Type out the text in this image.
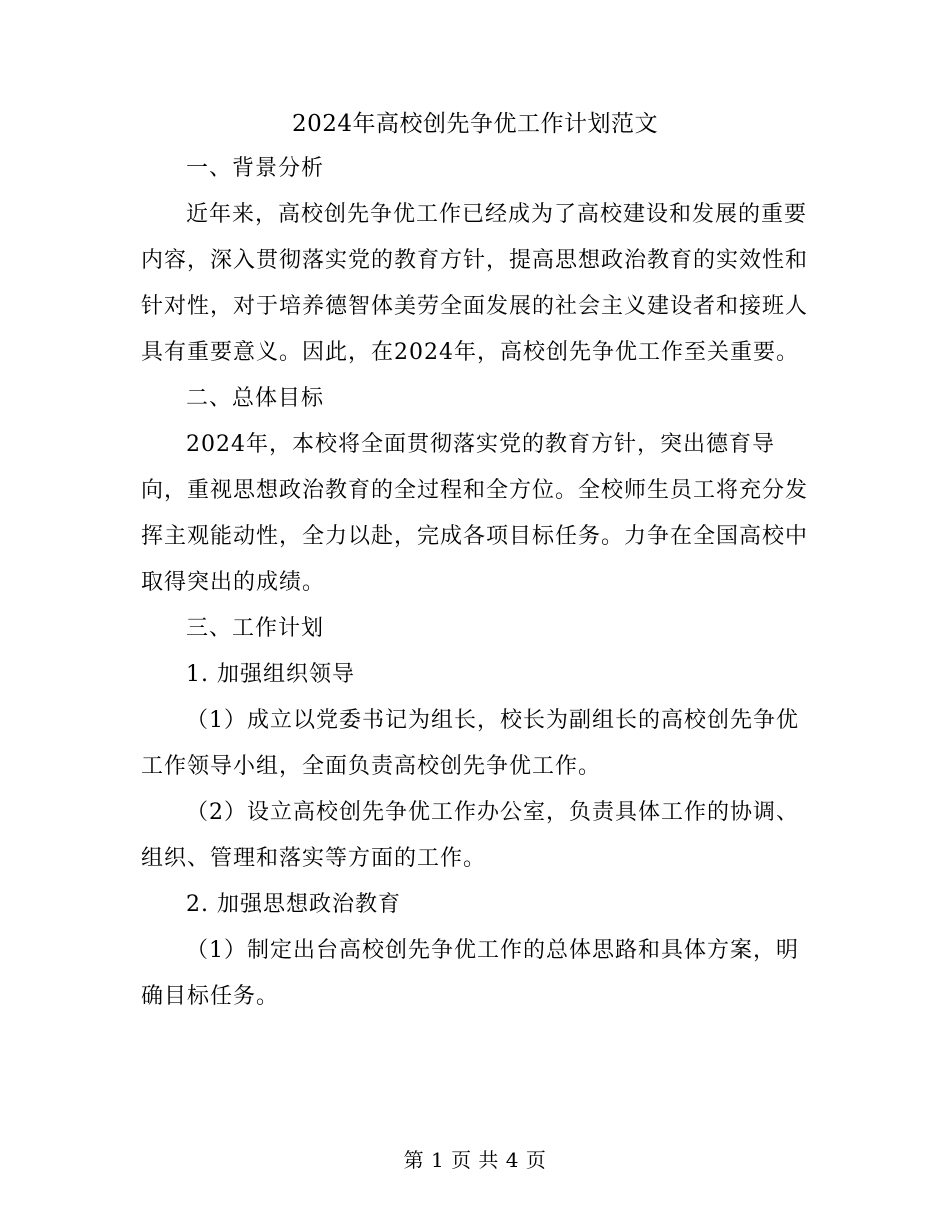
2024年高校创先争优工作计划范文

一、背景分析

近年来，高校创先争优工作已经成为了高校建设和发展的重要内容，深入贯彻落实党的教育方针，提高思想政治教育的实效性和针对性，对于培养德智体美劳全面发展的社会主义建设者和接班人具有重要意义。因此，在2024年，高校创先争优工作至关重要。

二、总体目标

2024年，本校将全面贯彻落实党的教育方针，突出德育导向，重视思想政治教育的全过程和全方位。全校师生员工将充分发挥主观能动性，全力以赴，完成各项目标任务。力争在全国高校中取得突出的成绩。

三、工作计划

1. 加强组织领导

（1）成立以党委书记为组长，校长为副组长的高校创先争优工作领导小组，全面负责高校创先争优工作。

（2）设立高校创先争优工作办公室，负责具体工作的协调、组织、管理和落实等方面的工作。

2. 加强思想政治教育

（1）制定出台高校创先争优工作的总体思路和具体方案，明确目标任务。

第 1 页 共 4 页
